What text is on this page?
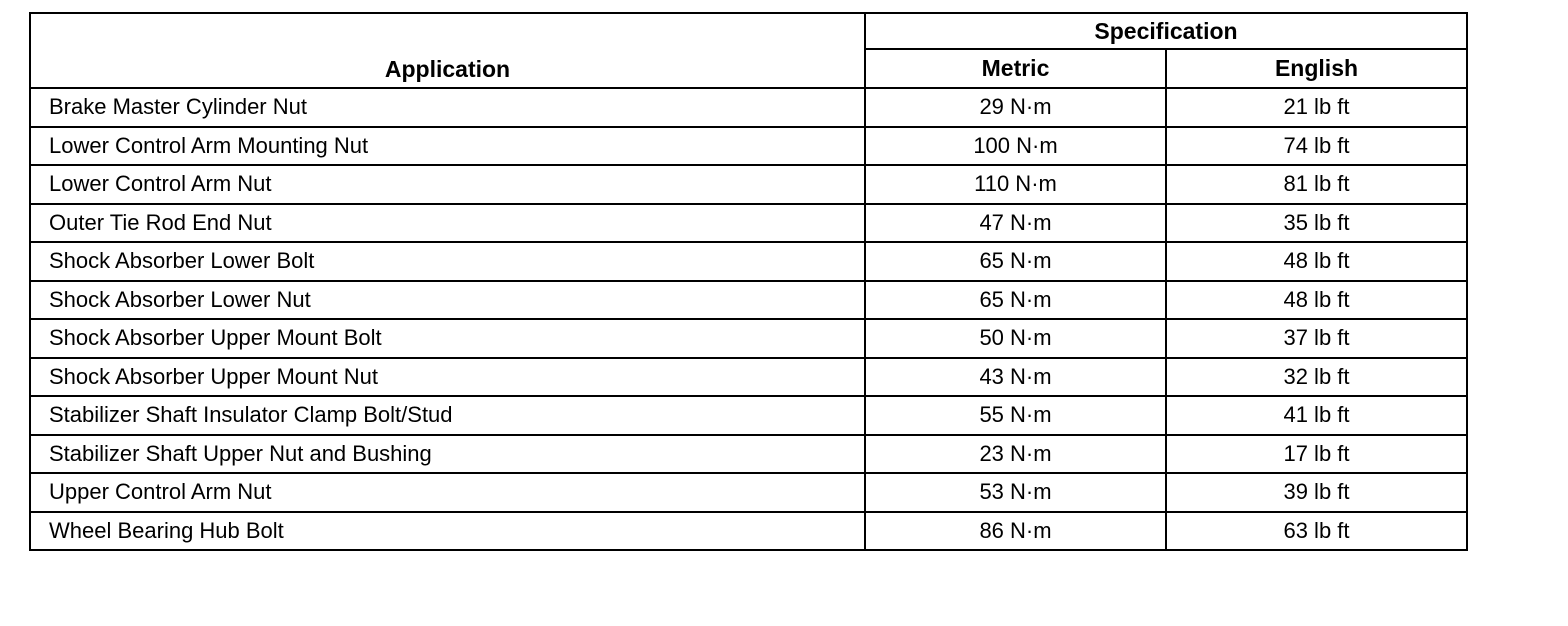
Application	Specification	
	Metric	English
Brake Master Cylinder Nut	29 N·m	21 lb ft
Lower Control Arm Mounting Nut	100 N·m	74 lb ft
Lower Control Arm Nut	110 N·m	81 lb ft
Outer Tie Rod End Nut	47 N·m	35 lb ft
Shock Absorber Lower Bolt	65 N·m	48 lb ft
Shock Absorber Lower Nut	65 N·m	48 lb ft
Shock Absorber Upper Mount Bolt	50 N·m	37 lb ft
Shock Absorber Upper Mount Nut	43 N·m	32 lb ft
Stabilizer Shaft Insulator Clamp Bolt/Stud	55 N·m	41 lb ft
Stabilizer Shaft Upper Nut and Bushing	23 N·m	17 lb ft
Upper Control Arm Nut	53 N·m	39 lb ft
Wheel Bearing Hub Bolt	86 N·m	63 lb ft
